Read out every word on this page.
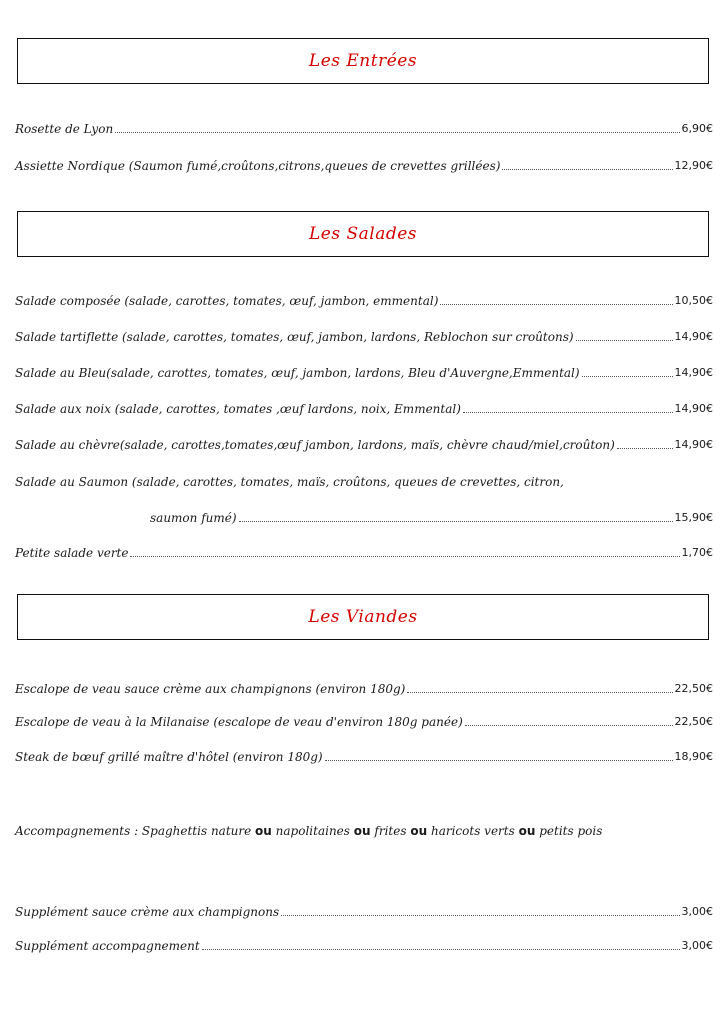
Les Entrées
Rosette de Lyon	6,90€
Assiette Nordique (Saumon fumé,croûtons,citrons,queues de crevettes grillées)	12,90€
Les Salades
Salade composée (salade, carottes, tomates, œuf, jambon, emmental)	10,50€
Salade tartiflette (salade, carottes, tomates, œuf, jambon, lardons, Reblochon sur croûtons)	14,90€
Salade au Bleu(salade, carottes, tomates, œuf, jambon, lardons, Bleu d'Auvergne,Emmental)	14,90€
Salade aux noix (salade, carottes, tomates ,œuf lardons, noix, Emmental)	14,90€
Salade au chèvre(salade, carottes,tomates,œuf jambon, lardons, maïs, chèvre chaud/miel,croûton)	14,90€
Salade au Saumon (salade, carottes, tomates, maïs, croûtons, queues de crevettes, citron,
saumon fumé)	15,90€
Petite salade verte	1,70€
Les Viandes
Escalope de veau sauce crème aux champignons (environ 180g)	22,50€
Escalope de veau à la Milanaise (escalope de veau d'environ 180g panée)	22,50€
Steak de bœuf grillé maître d'hôtel (environ 180g)	18,90€
Accompagnements : Spaghettis nature ou napolitaines ou frites ou haricots verts ou petits pois
Supplément sauce crème aux champignons	3,00€
Supplément accompagnement	3,00€
